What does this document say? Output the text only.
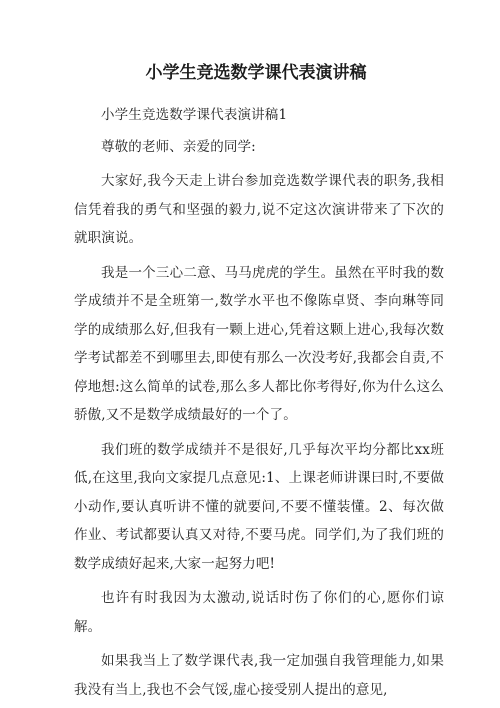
小学生竞选数学课代表演讲稿

小学生竞选数学课代表演讲稿1

尊敬的老师、亲爱的同学:

大家好,我今天走上讲台参加竞选数学课代表的职务,我相信凭着我的勇气和坚强的毅力,说不定这次演讲带来了下次的就职演说。

我是一个三心二意、马马虎虎的学生。虽然在平时我的数学成绩并不是全班第一,数学水平也不像陈卓贤、李向琳等同学的成绩那么好,但我有一颗上进心,凭着这颗上进心,我每次数学考试都差不到哪里去,即使有那么一次没考好,我都会自责,不停地想:这么简单的试卷,那么多人都比你考得好,你为什么这么骄傲,又不是数学成绩最好的一个了。

我们班的数学成绩并不是很好,几乎每次平均分都比xx班低,在这里,我向文家提几点意见:1、上课老师讲课曰时,不要做小动作,要认真听讲不懂的就要问,不要不懂装懂。2、每次做作业、考试都要认真又对待,不要马虎。同学们,为了我们班的数学成绩好起来,大家一起努力吧!

也许有时我因为太激动,说话时伤了你们的心,愿你们谅解。

如果我当上了数学课代表,我一定加强自我管理能力,如果我没有当上,我也不会气馁,虚心接受别人提出的意见,
